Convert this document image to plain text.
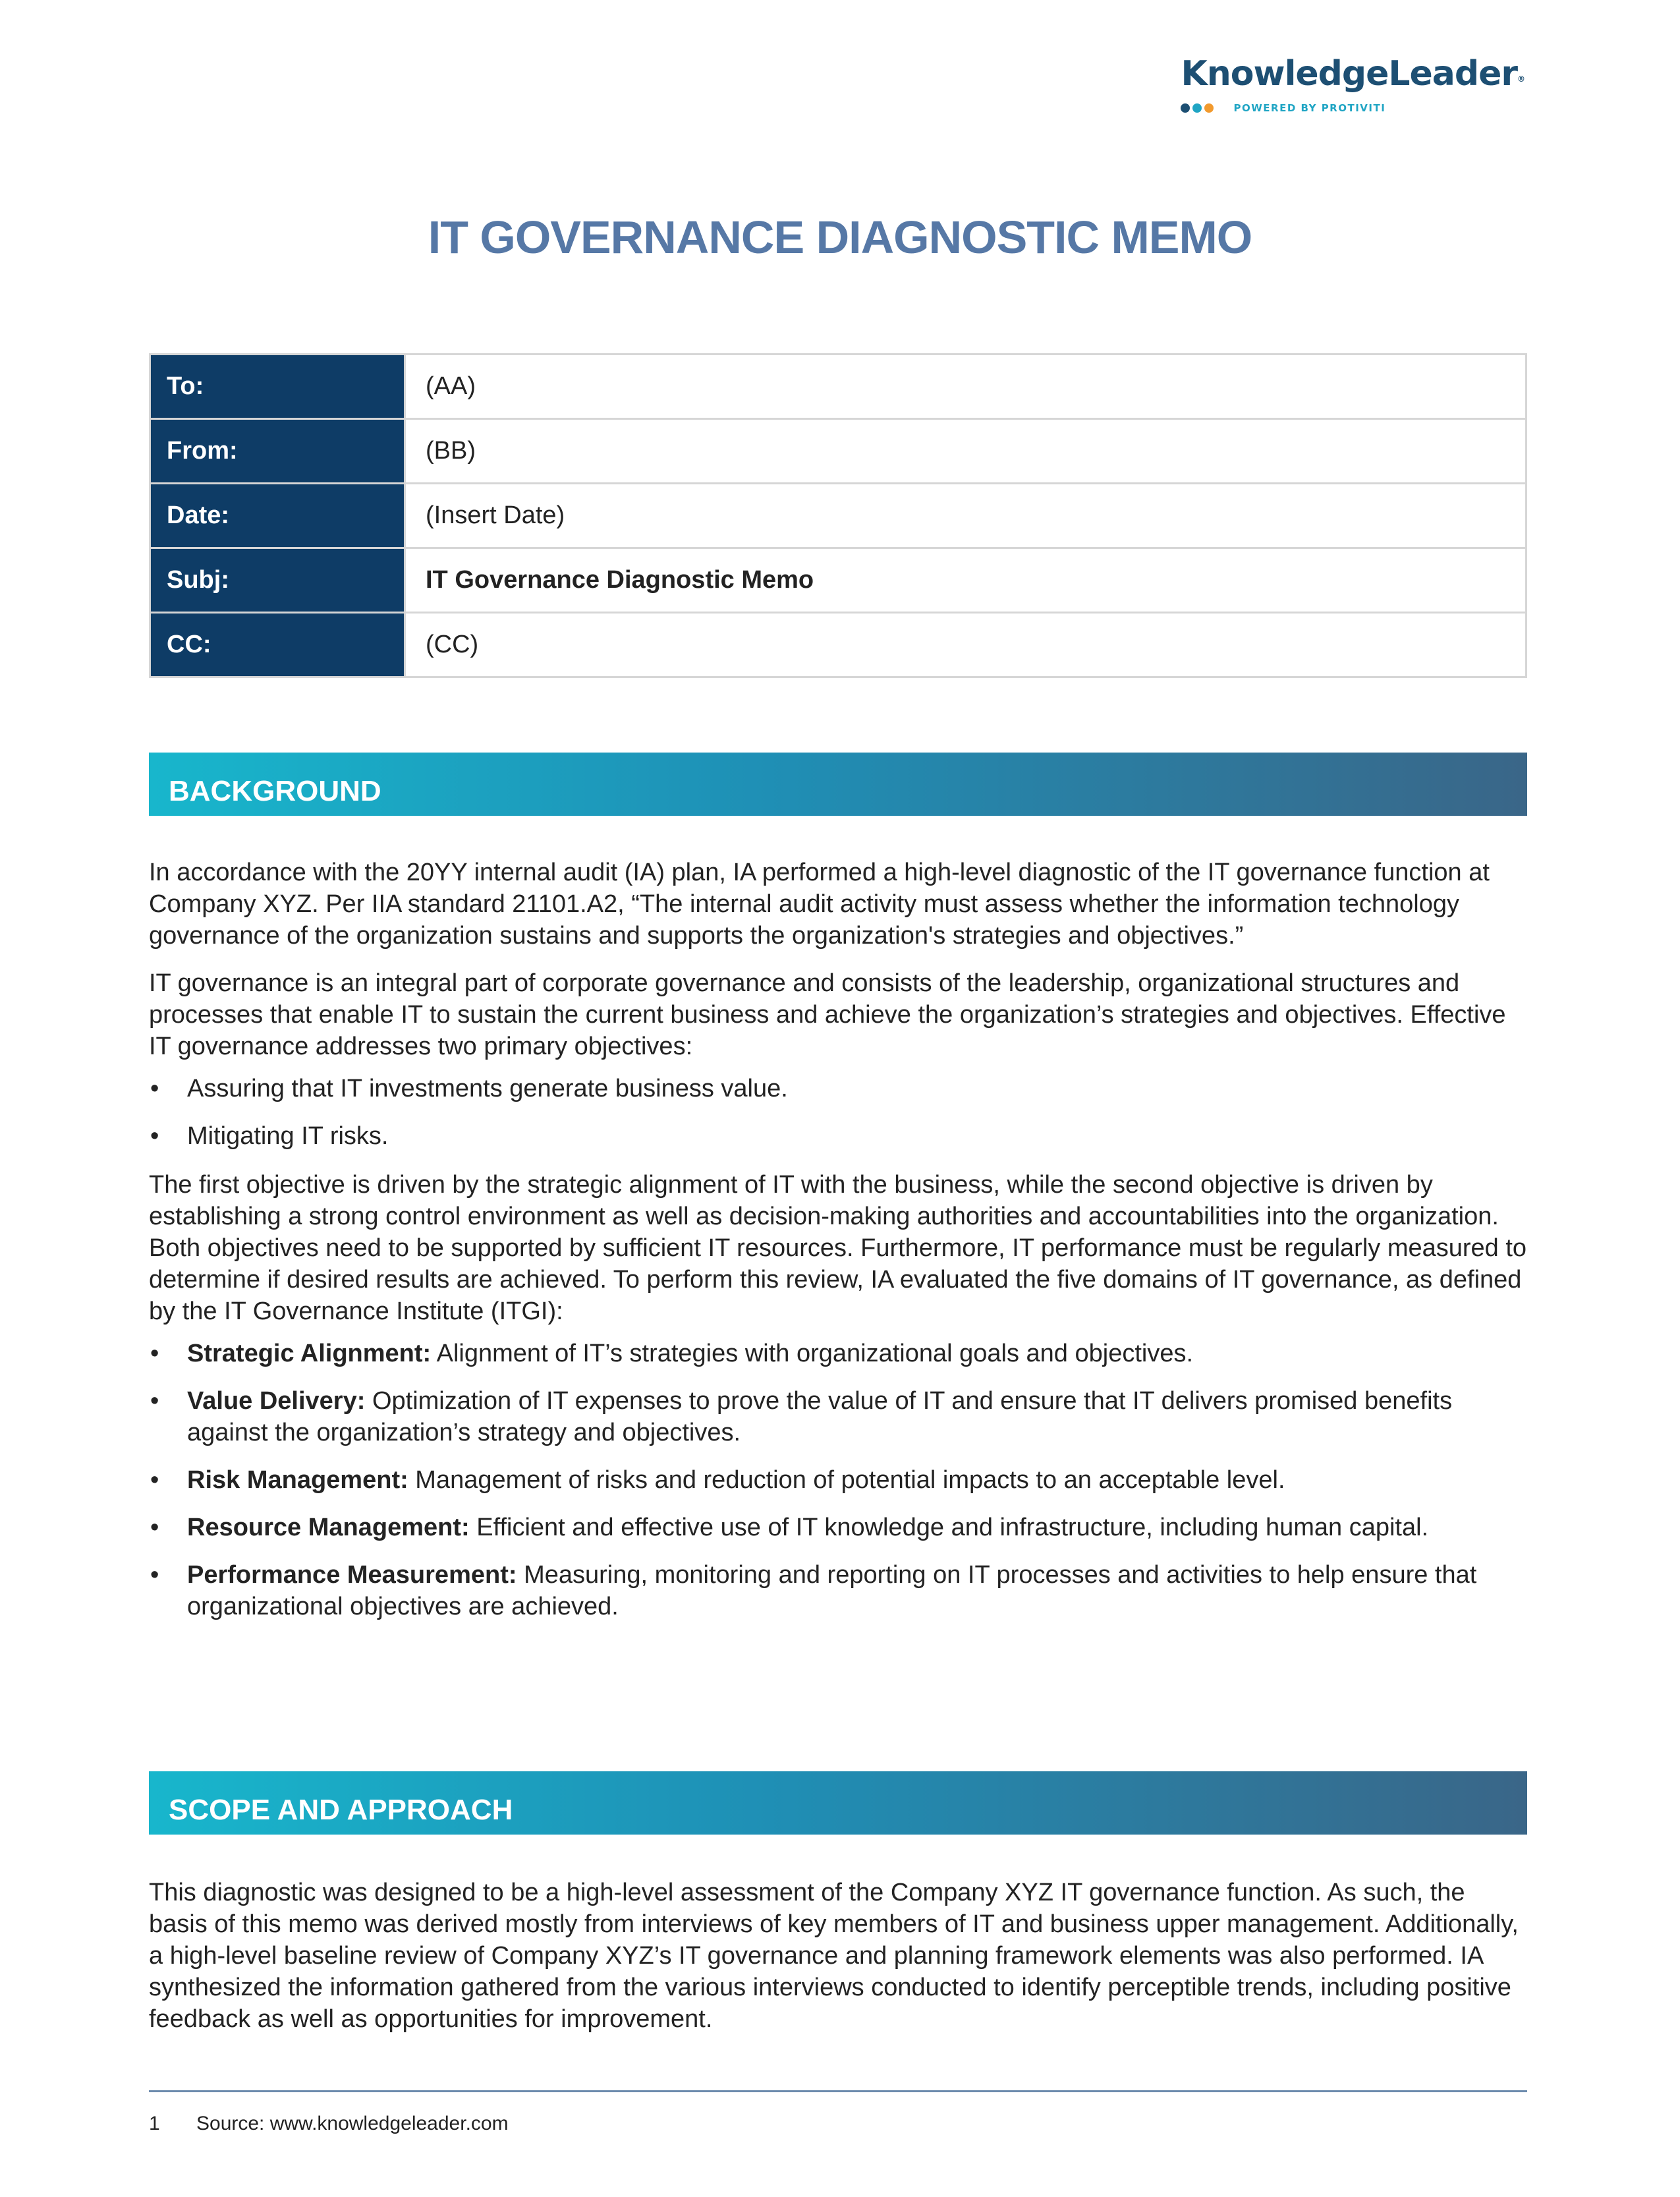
KnowledgeLeader®
POWERED BY PROTIVITI
IT GOVERNANCE DIAGNOSTIC MEMO
To:	(AA)
From:	(BB)
Date:	(Insert Date)
Subj:	IT Governance Diagnostic Memo
CC:	(CC)
BACKGROUND

In accordance with the 20YY internal audit (IA) plan, IA performed a high-level diagnostic of the IT governance function at Company XYZ. Per IIA standard 21101.A2, “The internal audit activity must assess whether the information technology governance of the organization sustains and supports the organization's strategies and objectives.”

IT governance is an integral part of corporate governance and consists of the leadership, organizational structures and processes that enable IT to sustain the current business and achieve the organization’s strategies and objectives. Effective IT governance addresses two primary objectives:

• Assuring that IT investments generate business value.
• Mitigating IT risks.

The first objective is driven by the strategic alignment of IT with the business, while the second objective is driven by establishing a strong control environment as well as decision-making authorities and accountabilities into the organization. Both objectives need to be supported by sufficient IT resources. Furthermore, IT performance must be regularly measured to determine if desired results are achieved. To perform this review, IA evaluated the five domains of IT governance, as defined by the IT Governance Institute (ITGI):

• Strategic Alignment: Alignment of IT’s strategies with organizational goals and objectives.
• Value Delivery: Optimization of IT expenses to prove the value of IT and ensure that IT delivers promised benefits against the organization’s strategy and objectives.
• Risk Management: Management of risks and reduction of potential impacts to an acceptable level.
• Resource Management: Efficient and effective use of IT knowledge and infrastructure, including human capital.
• Performance Measurement: Measuring, monitoring and reporting on IT processes and activities to help ensure that organizational objectives are achieved.
SCOPE AND APPROACH

This diagnostic was designed to be a high-level assessment of the Company XYZ IT governance function. As such, the basis of this memo was derived mostly from interviews of key members of IT and business upper management. Additionally, a high-level baseline review of Company XYZ’s IT governance and planning framework elements was also performed. IA synthesized the information gathered from the various interviews conducted to identify perceptible trends, including positive feedback as well as opportunities for improvement.

1 Source: www.knowledgeleader.com
